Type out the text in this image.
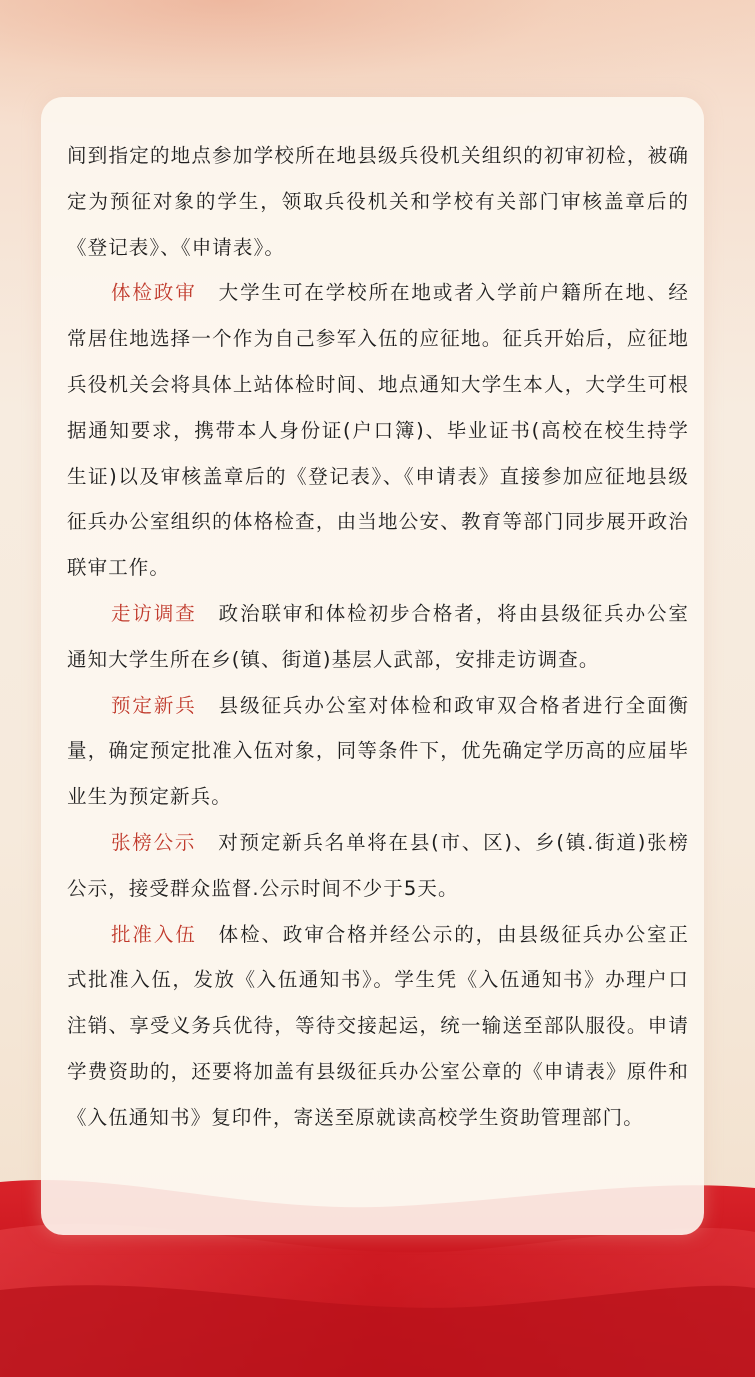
间到指定的地点参加学校所在地县级兵役机关组织的初审初检，被确定为预征对象的学生，领取兵役机关和学校有关部门审核盖章后的《登记表》、《申请表》。

体检政审 大学生可在学校所在地或者入学前户籍所在地、经常居住地选择一个作为自己参军入伍的应征地。征兵开始后，应征地兵役机关会将具体上站体检时间、地点通知大学生本人，大学生可根据通知要求，携带本人身份证(户口簿)、毕业证书(高校在校生持学生证)以及审核盖章后的《登记表》、《申请表》直接参加应征地县级征兵办公室组织的体格检查，由当地公安、教育等部门同步展开政治联审工作。

走访调查 政治联审和体检初步合格者，将由县级征兵办公室通知大学生所在乡(镇、街道)基层人武部，安排走访调查。

预定新兵 县级征兵办公室对体检和政审双合格者进行全面衡量，确定预定批准入伍对象，同等条件下，优先确定学历高的应届毕业生为预定新兵。

张榜公示 对预定新兵名单将在县(市、区)、乡(镇.街道)张榜公示，接受群众监督.公示时间不少于5天。

批准入伍 体检、政审合格并经公示的，由县级征兵办公室正式批准入伍，发放《入伍通知书》。学生凭《入伍通知书》办理户口注销、享受义务兵优待，等待交接起运，统一输送至部队服役。申请学费资助的，还要将加盖有县级征兵办公室公章的《申请表》原件和《入伍通知书》复印件，寄送至原就读高校学生资助管理部门。
